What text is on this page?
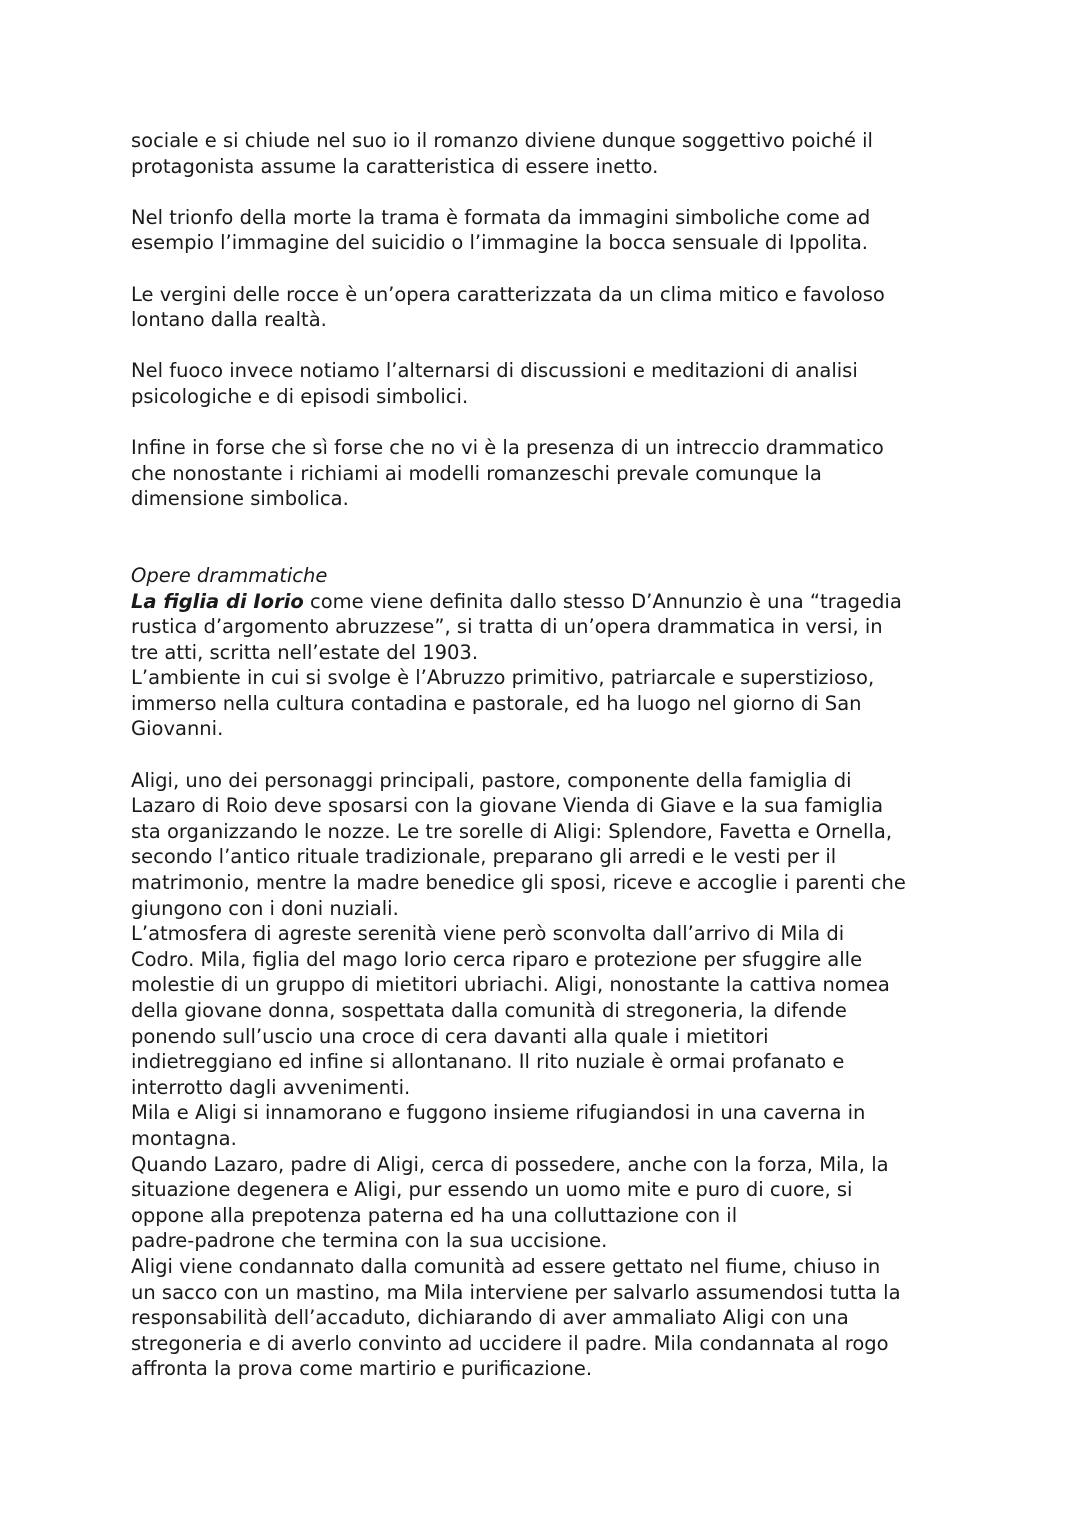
sociale e si chiude nel suo io il romanzo diviene dunque soggettivo poiché il
protagonista assume la caratteristica di essere inetto.

Nel trionfo della morte la trama è formata da immagini simboliche come ad
esempio l’immagine del suicidio o l’immagine la bocca sensuale di Ippolita.

Le vergini delle rocce è un’opera caratterizzata da un clima mitico e favoloso
lontano dalla realtà.

Nel fuoco invece notiamo l’alternarsi di discussioni e meditazioni di analisi
psicologiche e di episodi simbolici.

Infine in forse che sì forse che no vi è la presenza di un intreccio drammatico
che nonostante i richiami ai modelli romanzeschi prevale comunque la
dimensione simbolica.

Opere drammatiche

La figlia di Iorio come viene definita dallo stesso D’Annunzio è una “tragedia
rustica d’argomento abruzzese”, si tratta di un’opera drammatica in versi, in
tre atti, scritta nell’estate del 1903.
L’ambiente in cui si svolge è l’Abruzzo primitivo, patriarcale e superstizioso,
immerso nella cultura contadina e pastorale, ed ha luogo nel giorno di San
Giovanni.

Aligi, uno dei personaggi principali, pastore, componente della famiglia di
Lazaro di Roio deve sposarsi con la giovane Vienda di Giave e la sua famiglia
sta organizzando le nozze. Le tre sorelle di Aligi: Splendore, Favetta e Ornella,
secondo l’antico rituale tradizionale, preparano gli arredi e le vesti per il
matrimonio, mentre la madre benedice gli sposi, riceve e accoglie i parenti che
giungono con i doni nuziali.
L’atmosfera di agreste serenità viene però sconvolta dall’arrivo di Mila di
Codro. Mila, figlia del mago Iorio cerca riparo e protezione per sfuggire alle
molestie di un gruppo di mietitori ubriachi. Aligi, nonostante la cattiva nomea
della giovane donna, sospettata dalla comunità di stregoneria, la difende
ponendo sull’uscio una croce di cera davanti alla quale i mietitori
indietreggiano ed infine si allontanano. Il rito nuziale è ormai profanato e
interrotto dagli avvenimenti.
Mila e Aligi si innamorano e fuggono insieme rifugiandosi in una caverna in
montagna.
Quando Lazaro, padre di Aligi, cerca di possedere, anche con la forza, Mila, la
situazione degenera e Aligi, pur essendo un uomo mite e puro di cuore, si
oppone alla prepotenza paterna ed ha una colluttazione con il
padre-padrone che termina con la sua uccisione.
Aligi viene condannato dalla comunità ad essere gettato nel fiume, chiuso in
un sacco con un mastino, ma Mila interviene per salvarlo assumendosi tutta la
responsabilità dell’accaduto, dichiarando di aver ammaliato Aligi con una
stregoneria e di averlo convinto ad uccidere il padre. Mila condannata al rogo
affronta la prova come martirio e purificazione.
